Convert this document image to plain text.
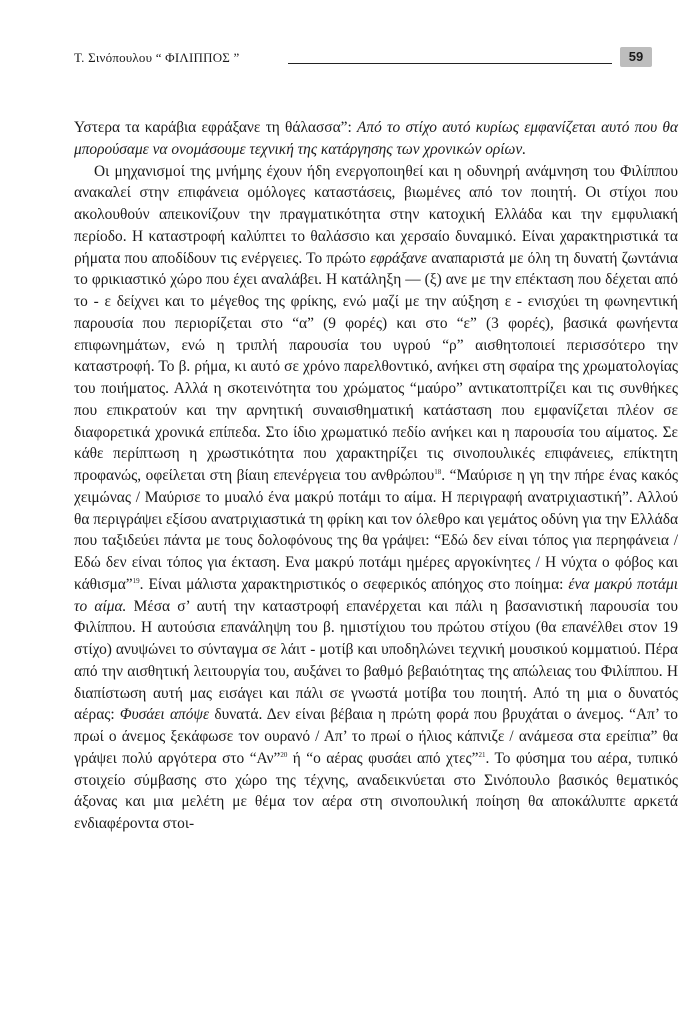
Τ. Σινόπουλου “ ΦΙΛΙΠΠΟΣ ”	59

Υστερα τα καράβια εφράξανε τη θάλασσα”: Από το στίχο αυτό κυρίως εμφανίζεται αυτό που θα μπορούσαμε να ονομάσουμε τεχνική της κατάργησης των χρονικών ορίων.

Οι μηχανισμοί της μνήμης έχουν ήδη ενεργοποιηθεί και η οδυνηρή ανάμνηση του Φιλίππου ανακαλεί στην επιφάνεια ομόλογες καταστάσεις, βιωμένες από τον ποιητή. Οι στίχοι που ακολουθούν απεικονίζουν την πραγματικότητα στην κατοχική Ελλάδα και την εμφυλιακή περίοδο. Η καταστροφή καλύπτει το θαλάσσιο και χερσαίο δυναμικό. Είναι χαρακτηριστικά τα ρήματα που αποδίδουν τις ενέργειες. Το πρώτο εφράξανε αναπαριστά με όλη τη δυνατή ζωντάνια το φρικιαστικό χώρο που έχει αναλάβει. Η κατάληξη — (ξ) ανε με την επέκταση που δέχεται από το - ε δείχνει και το μέγεθος της φρίκης, ενώ μαζί με την αύξηση ε - ενισχύει τη φωνηεντική παρουσία που περιορίζεται στο “α” (9 φορές) και στο “ε” (3 φορές), βασικά φωνήεντα επιφωνημάτων, ενώ η τριπλή παρουσία του υγρού “ρ” αισθητοποιεί περισσότερο την καταστροφή. Το β. ρήμα, κι αυτό σε χρόνο παρελθοντικό, ανήκει στη σφαίρα της χρωματολογίας του ποιήματος. Αλλά η σκοτεινότητα του χρώματος “μαύρο” αντικατοπτρίζει και τις συνθήκες που επικρατούν και την αρνητική συναισθηματική κατάσταση που εμφανίζεται πλέον σε διαφορετικά χρονικά επίπεδα. Στο ίδιο χρωματικό πεδίο ανήκει και η παρουσία του αίματος. Σε κάθε περίπτωση η χρωστικότητα που χαρακτηρίζει τις σινοπουλικές επιφάνειες, επίκτητη προφανώς, οφείλεται στη βίαιη επενέργεια του ανθρώπου$^{18}$. “Μαύρισε η γη την πήρε ένας κακός χειμώνας / Μαύρισε το μυαλό ένα μακρύ ποτάμι το αίμα. Η περιγραφή ανατριχιαστική”. Αλλού θα περιγράψει εξίσου ανατριχιαστικά τη φρίκη και τον όλεθρο και γεμάτος οδύνη για την Ελλάδα που ταξιδεύει πάντα με τους δολοφόνους της θα γράψει: “Εδώ δεν είναι τόπος για περηφάνεια / Εδώ δεν είναι τόπος για έκταση. Ενα μακρύ ποτάμι ημέρες αργοκίνητες / Η νύχτα ο φόβος και κάθισμα”$^{19}$. Είναι μάλιστα χαρακτηριστικός ο σεφερικός απόηχος στο ποίημα: ένα μακρύ ποτάμι το αίμα. Μέσα σ’ αυτή την καταστροφή επανέρχεται και πάλι η βασανιστική παρουσία του Φιλίππου. Η αυτούσια επανάληψη του β. ημιστίχιου του πρώτου στίχου (θα επανέλθει στον 19 στίχο) ανυψώνει το σύνταγμα σε λάιτ - μοτίβ και υποδηλώνει τεχνική μουσικού κομματιού. Πέρα από την αισθητική λειτουργία του, αυξάνει το βαθμό βεβαιότητας της απώλειας του Φιλίππου. Η διαπίστωση αυτή μας εισάγει και πάλι σε γνωστά μοτίβα του ποιητή. Από τη μια ο δυνατός αέρας: Φυσάει απόψε δυνατά. Δεν είναι βέβαια η πρώτη φορά που βρυχάται ο άνεμος. “Απ’ το πρωί ο άνεμος ξεκάφωσε τον ουρανό / Απ’ το πρωί ο ήλιος κάπνιζε / ανάμεσα στα ερείπια” θα γράψει πολύ αργότερα στο “Αν”$^{20}$ ή “ο αέρας φυσάει από χτες”$^{21}$. Το φύσημα του αέρα, τυπικό στοιχείο σύμβασης στο χώρο της τέχνης, αναδεικνύεται στο Σινόπουλο βασικός θεματικός άξονας και μια μελέτη με θέμα τον αέρα στη σινοπουλική ποίηση θα αποκάλυπτε αρκετά ενδιαφέροντα στοι-
